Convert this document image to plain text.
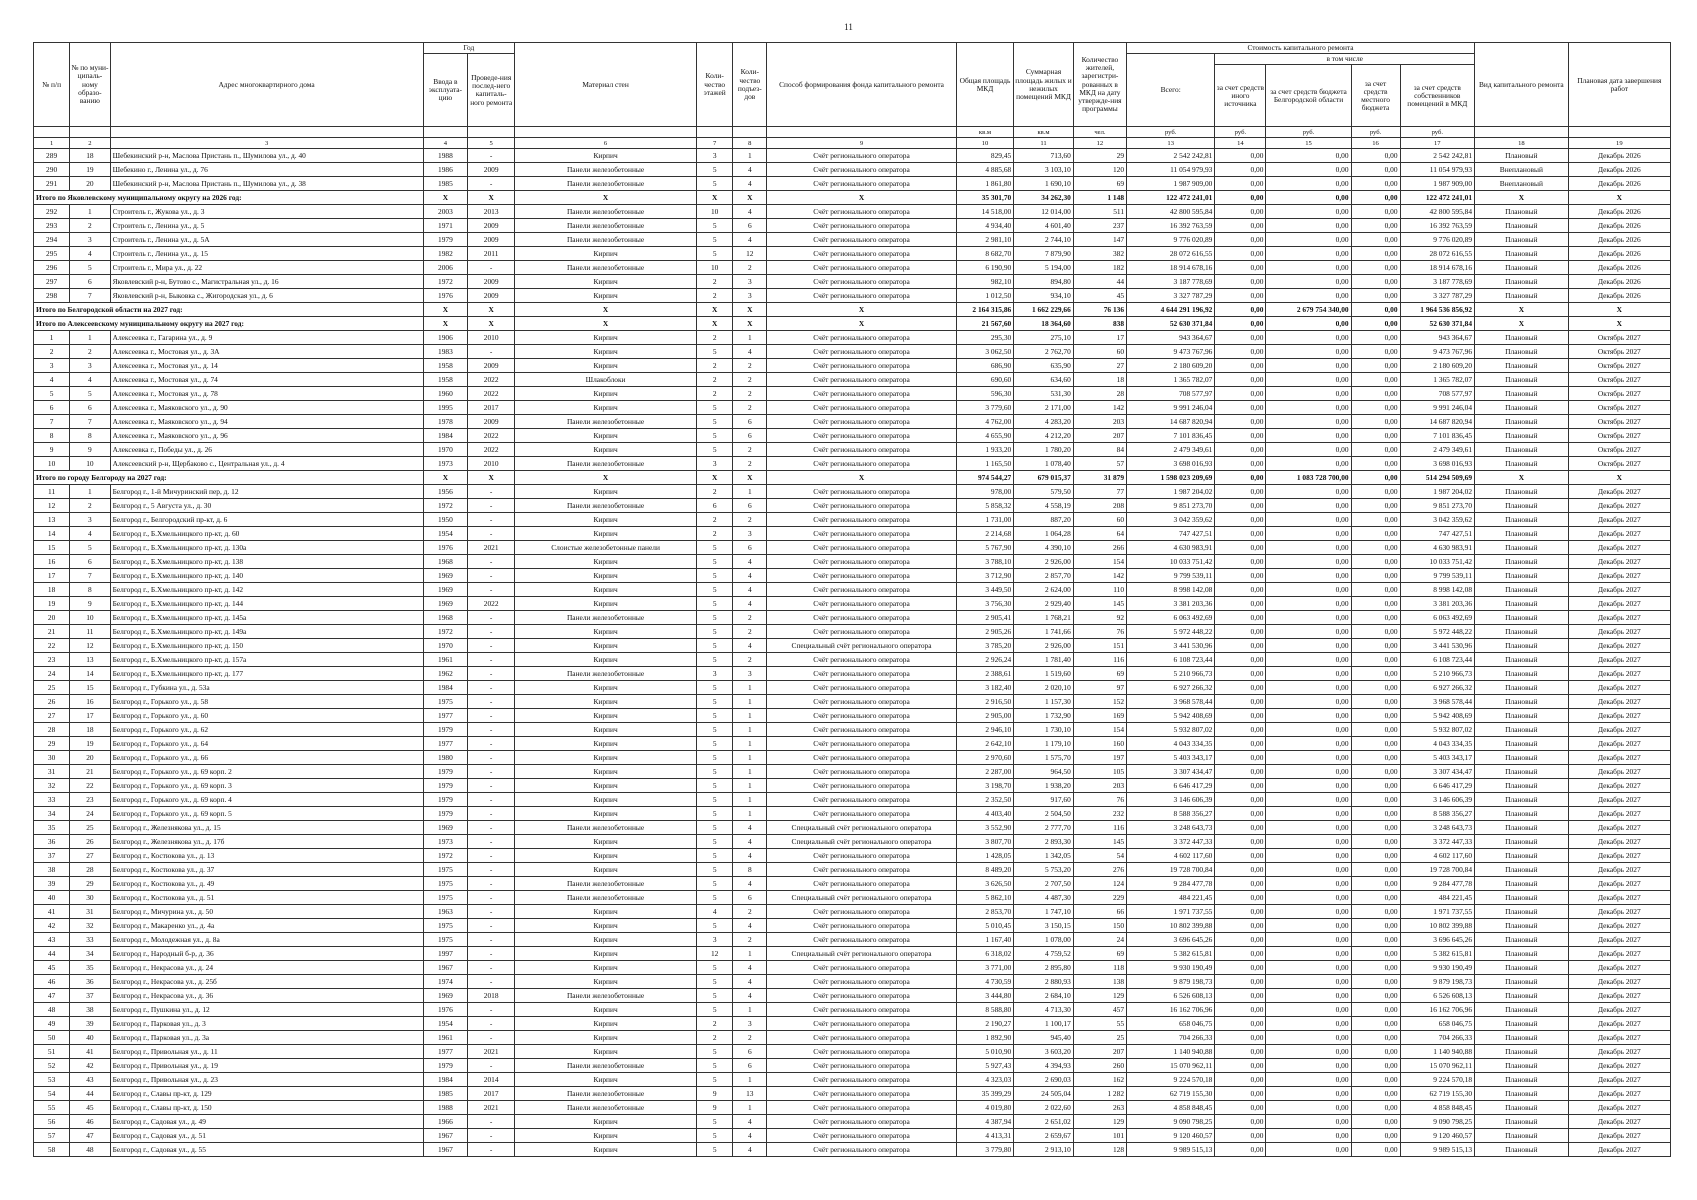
11
№ п/п	№ по муни-ципаль-ному образо-ванию	Адрес многоквартирного дома	Год		Материал стен	Коли-чество этажей	Коли-чество подъез-дов	Способ формирования фонда капитального ремонта	Общая площадь МКД	Суммарная площадь жилых и нежилых помещений МКД	Количество жителей, зарегистри-рованных в МКД на дату утвержде-ния программы	Стоимость капитального ремонта					Вид капитального ремонта	Плановая дата завершения работ
			Ввода в эксплуата-цию	Проведе-ния послед-него капиталь-ного ремонта								Всего:	в том числе					
													за счет средств иного источника	за счет средств бюджета Белгородской области	за счет средств местного бюджета	за счет средств собственников помещений в МКД		
									кв.м	кв.м	чел.	руб.	руб.	руб.	руб.	руб.		
1	2	3	4	5	6	7	8	9	10	11	12	13	14	15	16	17	18	19
289	18	Шебекинский р-н, Маслова Пристань п., Шумилова ул., д. 40	1988	-	Кирпич	3	1	Счёт регионального оператора	829,45	713,60	29	2 542 242,81	0,00	0,00	0,00	2 542 242,81	Плановый	Декабрь 2026
290	19	Шебекино г., Ленина ул., д. 76	1986	2009	Панели железобетонные	5	4	Счёт регионального оператора	4 885,68	3 103,10	120	11 054 979,93	0,00	0,00	0,00	11 054 979,93	Внеплановый	Декабрь 2026
291	20	Шебекинский р-н, Маслова Пристань п., Шумилова ул., д. 38	1985	-	Панели железобетонные	5	4	Счёт регионального оператора	1 861,80	1 690,10	69	1 987 909,00	0,00	0,00	0,00	1 987 909,00	Внеплановый	Декабрь 2026
Итого по Яковлевскому муниципальному округу на 2026 год:			X	X	X	X	X	X	35 301,70	34 262,30	1 148	122 472 241,01	0,00	0,00	0,00	122 472 241,01	X	X
292	1	Строитель г., Жукова ул., д. 3	2003	2013	Панели железобетонные	10	4	Счёт регионального оператора	14 518,00	12 014,00	511	42 800 595,84	0,00	0,00	0,00	42 800 595,84	Плановый	Декабрь 2026
293	2	Строитель г., Ленина ул., д. 5	1971	2009	Панели железобетонные	5	6	Счёт регионального оператора	4 934,40	4 601,40	237	16 392 763,59	0,00	0,00	0,00	16 392 763,59	Плановый	Декабрь 2026
294	3	Строитель г., Ленина ул., д. 5А	1979	2009	Панели железобетонные	5	4	Счёт регионального оператора	2 981,10	2 744,10	147	9 776 020,89	0,00	0,00	0,00	9 776 020,89	Плановый	Декабрь 2026
295	4	Строитель г., Ленина ул., д. 15	1982	2011	Кирпич	5	12	Счёт регионального оператора	8 682,70	7 879,90	382	28 072 616,55	0,00	0,00	0,00	28 072 616,55	Плановый	Декабрь 2026
296	5	Строитель г., Мира ул., д. 22	2006	-	Панели железобетонные	10	2	Счёт регионального оператора	6 190,90	5 194,00	182	18 914 678,16	0,00	0,00	0,00	18 914 678,16	Плановый	Декабрь 2026
297	6	Яковлевский р-н, Бутово с., Магистральная ул., д. 16	1972	2009	Кирпич	2	3	Счёт регионального оператора	982,10	894,80	44	3 187 778,69	0,00	0,00	0,00	3 187 778,69	Плановый	Декабрь 2026
298	7	Яковлевский р-н, Быковка с., Жигородская ул., д. 6	1976	2009	Кирпич	2	3	Счёт регионального оператора	1 012,50	934,10	45	3 327 787,29	0,00	0,00	0,00	3 327 787,29	Плановый	Декабрь 2026
Итого по Белгородской области на 2027 год:			X	X	X	X	X	X	2 164 315,86	1 662 229,66	76 136	4 644 291 196,92	0,00	2 679 754 340,00	0,00	1 964 536 856,92	X	X
Итого по Алексеевскому муниципальному округу на 2027 год:			X	X	X	X	X	X	21 567,60	18 364,60	838	52 630 371,84	0,00	0,00	0,00	52 630 371,84	X	X
1	1	Алексеевка г., Гагарина ул., д. 9	1906	2010	Кирпич	2	1	Счёт регионального оператора	295,30	275,10	17	943 364,67	0,00	0,00	0,00	943 364,67	Плановый	Октябрь 2027
2	2	Алексеевка г., Мостовая ул., д. 3А	1983	-	Кирпич	5	4	Счёт регионального оператора	3 062,50	2 762,70	60	9 473 767,96	0,00	0,00	0,00	9 473 767,96	Плановый	Октябрь 2027
3	3	Алексеевка г., Мостовая ул., д. 14	1958	2009	Кирпич	2	2	Счёт регионального оператора	686,90	635,90	27	2 180 609,20	0,00	0,00	0,00	2 180 609,20	Плановый	Октябрь 2027
4	4	Алексеевка г., Мостовая ул., д. 74	1958	2022	Шлакоблоки	2	2	Счёт регионального оператора	690,60	634,60	18	1 365 782,07	0,00	0,00	0,00	1 365 782,07	Плановый	Октябрь 2027
5	5	Алексеевка г., Мостовая ул., д. 78	1960	2022	Кирпич	2	2	Счёт регионального оператора	596,30	531,30	28	708 577,97	0,00	0,00	0,00	708 577,97	Плановый	Октябрь 2027
6	6	Алексеевка г., Маяковского ул., д. 90	1995	2017	Кирпич	5	2	Счёт регионального оператора	3 779,60	2 171,00	142	9 991 246,04	0,00	0,00	0,00	9 991 246,04	Плановый	Октябрь 2027
7	7	Алексеевка г., Маяковского ул., д. 94	1978	2009	Панели железобетонные	5	6	Счёт регионального оператора	4 762,00	4 283,20	203	14 687 820,94	0,00	0,00	0,00	14 687 820,94	Плановый	Октябрь 2027
8	8	Алексеевка г., Маяковского ул., д. 96	1984	2022	Кирпич	5	6	Счёт регионального оператора	4 655,90	4 212,20	207	7 101 836,45	0,00	0,00	0,00	7 101 836,45	Плановый	Октябрь 2027
9	9	Алексеевка г., Победы ул., д. 26	1970	2022	Кирпич	5	2	Счёт регионального оператора	1 933,20	1 780,20	84	2 479 349,61	0,00	0,00	0,00	2 479 349,61	Плановый	Октябрь 2027
10	10	Алексеевский р-н, Щербаково с., Центральная ул., д. 4	1973	2010	Панели железобетонные	3	2	Счёт регионального оператора	1 165,50	1 078,40	57	3 698 016,93	0,00	0,00	0,00	3 698 016,93	Плановый	Октябрь 2027
Итого по городу Белгороду на 2027 год:			X	X	X	X	X	X	974 544,27	679 015,37	31 879	1 598 023 209,69	0,00	1 083 728 700,00	0,00	514 294 509,69	X	X
11	1	Белгород г., 1-й Мичуринский пер, д. 12	1956	-	Кирпич	2	1	Счёт регионального оператора	978,00	579,50	77	1 987 204,02	0,00	0,00	0,00	1 987 204,02	Плановый	Декабрь 2027
12	2	Белгород г., 5 Августа ул., д. 30	1972	-	Панели железобетонные	6	6	Счёт регионального оператора	5 858,32	4 558,19	208	9 851 273,70	0,00	0,00	0,00	9 851 273,70	Плановый	Декабрь 2027
13	3	Белгород г., Белгородский пр-кт, д. 6	1950	-	Кирпич	2	2	Счёт регионального оператора	1 731,00	887,20	60	3 042 359,62	0,00	0,00	0,00	3 042 359,62	Плановый	Декабрь 2027
14	4	Белгород г., Б.Хмельницкого пр-кт, д. 60	1954	-	Кирпич	2	3	Счёт регионального оператора	2 214,68	1 064,28	64	747 427,51	0,00	0,00	0,00	747 427,51	Плановый	Декабрь 2027
15	5	Белгород г., Б.Хмельницкого пр-кт, д. 130а	1976	2021	Слоистые железобетонные панели	5	6	Счёт регионального оператора	5 767,90	4 390,10	266	4 630 983,91	0,00	0,00	0,00	4 630 983,91	Плановый	Декабрь 2027
16	6	Белгород г., Б.Хмельницкого пр-кт, д. 138	1968	-	Кирпич	5	4	Счёт регионального оператора	3 788,10	2 926,00	154	10 033 751,42	0,00	0,00	0,00	10 033 751,42	Плановый	Декабрь 2027
17	7	Белгород г., Б.Хмельницкого пр-кт, д. 140	1969	-	Кирпич	5	4	Счёт регионального оператора	3 712,90	2 857,70	142	9 799 539,11	0,00	0,00	0,00	9 799 539,11	Плановый	Декабрь 2027
18	8	Белгород г., Б.Хмельницкого пр-кт, д. 142	1969	-	Кирпич	5	4	Счёт регионального оператора	3 449,50	2 624,00	110	8 998 142,08	0,00	0,00	0,00	8 998 142,08	Плановый	Декабрь 2027
19	9	Белгород г., Б.Хмельницкого пр-кт, д. 144	1969	2022	Кирпич	5	4	Счёт регионального оператора	3 756,30	2 929,40	145	3 381 203,36	0,00	0,00	0,00	3 381 203,36	Плановый	Декабрь 2027
20	10	Белгород г., Б.Хмельницкого пр-кт, д. 145а	1968	-	Панели железобетонные	5	2	Счёт регионального оператора	2 905,41	1 768,21	92	6 063 492,69	0,00	0,00	0,00	6 063 492,69	Плановый	Декабрь 2027
21	11	Белгород г., Б.Хмельницкого пр-кт, д. 149а	1972	-	Кирпич	5	2	Счёт регионального оператора	2 905,26	1 741,66	76	5 972 448,22	0,00	0,00	0,00	5 972 448,22	Плановый	Декабрь 2027
22	12	Белгород г., Б.Хмельницкого пр-кт, д. 150	1970	-	Кирпич	5	4	Специальный счёт регионального оператора	3 785,20	2 926,00	151	3 441 530,96	0,00	0,00	0,00	3 441 530,96	Плановый	Декабрь 2027
23	13	Белгород г., Б.Хмельницкого пр-кт, д. 157а	1961	-	Кирпич	5	2	Счёт регионального оператора	2 926,24	1 781,40	116	6 108 723,44	0,00	0,00	0,00	6 108 723,44	Плановый	Декабрь 2027
24	14	Белгород г., Б.Хмельницкого пр-кт, д. 177	1962	-	Панели железобетонные	3	3	Счёт регионального оператора	2 388,61	1 519,60	69	5 210 966,73	0,00	0,00	0,00	5 210 966,73	Плановый	Декабрь 2027
25	15	Белгород г., Губкина ул., д. 53а	1984	-	Кирпич	5	1	Счёт регионального оператора	3 182,40	2 020,10	97	6 927 266,32	0,00	0,00	0,00	6 927 266,32	Плановый	Декабрь 2027
26	16	Белгород г., Горького ул., д. 58	1975	-	Кирпич	5	1	Счёт регионального оператора	2 916,50	1 157,30	152	3 968 578,44	0,00	0,00	0,00	3 968 578,44	Плановый	Декабрь 2027
27	17	Белгород г., Горького ул., д. 60	1977	-	Кирпич	5	1	Счёт регионального оператора	2 905,00	1 732,90	169	5 942 408,69	0,00	0,00	0,00	5 942 408,69	Плановый	Декабрь 2027
28	18	Белгород г., Горького ул., д. 62	1979	-	Кирпич	5	1	Счёт регионального оператора	2 946,10	1 730,10	154	5 932 807,02	0,00	0,00	0,00	5 932 807,02	Плановый	Декабрь 2027
29	19	Белгород г., Горького ул., д. 64	1977	-	Кирпич	5	1	Счёт регионального оператора	2 642,10	1 179,10	160	4 043 334,35	0,00	0,00	0,00	4 043 334,35	Плановый	Декабрь 2027
30	20	Белгород г., Горького ул., д. 66	1980	-	Кирпич	5	1	Счёт регионального оператора	2 970,60	1 575,70	197	5 403 343,17	0,00	0,00	0,00	5 403 343,17	Плановый	Декабрь 2027
31	21	Белгород г., Горького ул., д. 69 корп. 2	1979	-	Кирпич	5	1	Счёт регионального оператора	2 287,00	964,50	105	3 307 434,47	0,00	0,00	0,00	3 307 434,47	Плановый	Декабрь 2027
32	22	Белгород г., Горького ул., д. 69 корп. 3	1979	-	Кирпич	5	1	Счёт регионального оператора	3 198,70	1 938,20	203	6 646 417,29	0,00	0,00	0,00	6 646 417,29	Плановый	Декабрь 2027
33	23	Белгород г., Горького ул., д. 69 корп. 4	1979	-	Кирпич	5	1	Счёт регионального оператора	2 352,50	917,60	76	3 146 606,39	0,00	0,00	0,00	3 146 606,39	Плановый	Декабрь 2027
34	24	Белгород г., Горького ул., д. 69 корп. 5	1979	-	Кирпич	5	1	Счёт регионального оператора	4 403,40	2 504,50	232	8 588 356,27	0,00	0,00	0,00	8 588 356,27	Плановый	Декабрь 2027
35	25	Белгород г., Железнякова ул., д. 15	1969	-	Панели железобетонные	5	4	Специальный счёт регионального оператора	3 552,90	2 777,70	116	3 248 643,73	0,00	0,00	0,00	3 248 643,73	Плановый	Декабрь 2027
36	26	Белгород г., Железнякова ул., д. 17б	1973	-	Кирпич	5	4	Специальный счёт регионального оператора	3 807,70	2 893,30	145	3 372 447,33	0,00	0,00	0,00	3 372 447,33	Плановый	Декабрь 2027
37	27	Белгород г., Костюкова ул., д. 13	1972	-	Кирпич	5	4	Счёт регионального оператора	1 428,05	1 342,05	54	4 602 117,60	0,00	0,00	0,00	4 602 117,60	Плановый	Декабрь 2027
38	28	Белгород г., Костюкова ул., д. 37	1975	-	Кирпич	5	8	Счёт регионального оператора	8 489,20	5 753,20	276	19 728 700,84	0,00	0,00	0,00	19 728 700,84	Плановый	Декабрь 2027
39	29	Белгород г., Костюкова ул., д. 49	1975	-	Панели железобетонные	5	4	Счёт регионального оператора	3 626,50	2 707,50	124	9 284 477,78	0,00	0,00	0,00	9 284 477,78	Плановый	Декабрь 2027
40	30	Белгород г., Костюкова ул., д. 51	1975	-	Панели железобетонные	5	6	Специальный счёт регионального оператора	5 862,10	4 487,30	229	484 221,45	0,00	0,00	0,00	484 221,45	Плановый	Декабрь 2027
41	31	Белгород г., Мичурина ул., д. 50	1963	-	Кирпич	4	2	Счёт регионального оператора	2 853,70	1 747,10	66	1 971 737,55	0,00	0,00	0,00	1 971 737,55	Плановый	Декабрь 2027
42	32	Белгород г., Макаренко ул., д. 4а	1975	-	Кирпич	5	4	Счёт регионального оператора	5 010,45	3 150,15	150	10 802 399,88	0,00	0,00	0,00	10 802 399,88	Плановый	Декабрь 2027
43	33	Белгород г., Молодежная ул., д. 8а	1975	-	Кирпич	3	2	Счёт регионального оператора	1 167,40	1 078,00	24	3 696 645,26	0,00	0,00	0,00	3 696 645,26	Плановый	Декабрь 2027
44	34	Белгород г., Народный б-р, д. 36	1997	-	Кирпич	12	1	Специальный счёт регионального оператора	6 318,02	4 759,52	69	5 382 615,81	0,00	0,00	0,00	5 382 615,81	Плановый	Декабрь 2027
45	35	Белгород г., Некрасова ул., д. 24	1967	-	Кирпич	5	4	Счёт регионального оператора	3 771,00	2 895,80	118	9 930 190,49	0,00	0,00	0,00	9 930 190,49	Плановый	Декабрь 2027
46	36	Белгород г., Некрасова ул., д. 25б	1974	-	Кирпич	5	4	Счёт регионального оператора	4 730,59	2 880,93	138	9 879 198,73	0,00	0,00	0,00	9 879 198,73	Плановый	Декабрь 2027
47	37	Белгород г., Некрасова ул., д. 36	1969	2018	Панели железобетонные	5	4	Счёт регионального оператора	3 444,80	2 684,10	129	6 526 608,13	0,00	0,00	0,00	6 526 608,13	Плановый	Декабрь 2027
48	38	Белгород г., Пушкина ул., д. 12	1976	-	Кирпич	5	1	Счёт регионального оператора	8 588,80	4 713,30	457	16 162 706,96	0,00	0,00	0,00	16 162 706,96	Плановый	Декабрь 2027
49	39	Белгород г., Парковая ул., д. 3	1954	-	Кирпич	2	3	Счёт регионального оператора	2 190,27	1 100,17	55	658 046,75	0,00	0,00	0,00	658 046,75	Плановый	Декабрь 2027
50	40	Белгород г., Парковая ул., д. 3а	1961	-	Кирпич	2	2	Счёт регионального оператора	1 892,90	945,40	25	704 266,33	0,00	0,00	0,00	704 266,33	Плановый	Декабрь 2027
51	41	Белгород г., Привольная ул., д. 11	1977	2021	Кирпич	5	6	Счёт регионального оператора	5 010,90	3 603,20	207	1 140 940,88	0,00	0,00	0,00	1 140 940,88	Плановый	Декабрь 2027
52	42	Белгород г., Привольная ул., д. 19	1979	-	Панели железобетонные	5	6	Счёт регионального оператора	5 927,43	4 394,93	260	15 070 962,11	0,00	0,00	0,00	15 070 962,11	Плановый	Декабрь 2027
53	43	Белгород г., Привольная ул., д. 23	1984	2014	Кирпич	5	1	Счёт регионального оператора	4 323,03	2 690,03	162	9 224 570,18	0,00	0,00	0,00	9 224 570,18	Плановый	Декабрь 2027
54	44	Белгород г., Славы пр-кт, д. 129	1985	2017	Панели железобетонные	9	13	Счёт регионального оператора	35 399,29	24 505,04	1 282	62 719 155,30	0,00	0,00	0,00	62 719 155,30	Плановый	Декабрь 2027
55	45	Белгород г., Славы пр-кт, д. 150	1988	2021	Панели железобетонные	9	1	Счёт регионального оператора	4 019,80	2 022,60	263	4 858 848,45	0,00	0,00	0,00	4 858 848,45	Плановый	Декабрь 2027
56	46	Белгород г., Садовая ул., д. 49	1966	-	Кирпич	5	4	Счёт регионального оператора	4 387,94	2 651,02	129	9 090 798,25	0,00	0,00	0,00	9 090 798,25	Плановый	Декабрь 2027
57	47	Белгород г., Садовая ул., д. 51	1967	-	Кирпич	5	4	Счёт регионального оператора	4 413,31	2 659,67	101	9 120 460,57	0,00	0,00	0,00	9 120 460,57	Плановый	Декабрь 2027
58	48	Белгород г., Садовая ул., д. 55	1967	-	Кирпич	5	4	Счёт регионального оператора	3 779,80	2 913,10	128	9 989 515,13	0,00	0,00	0,00	9 989 515,13	Плановый	Декабрь 2027
